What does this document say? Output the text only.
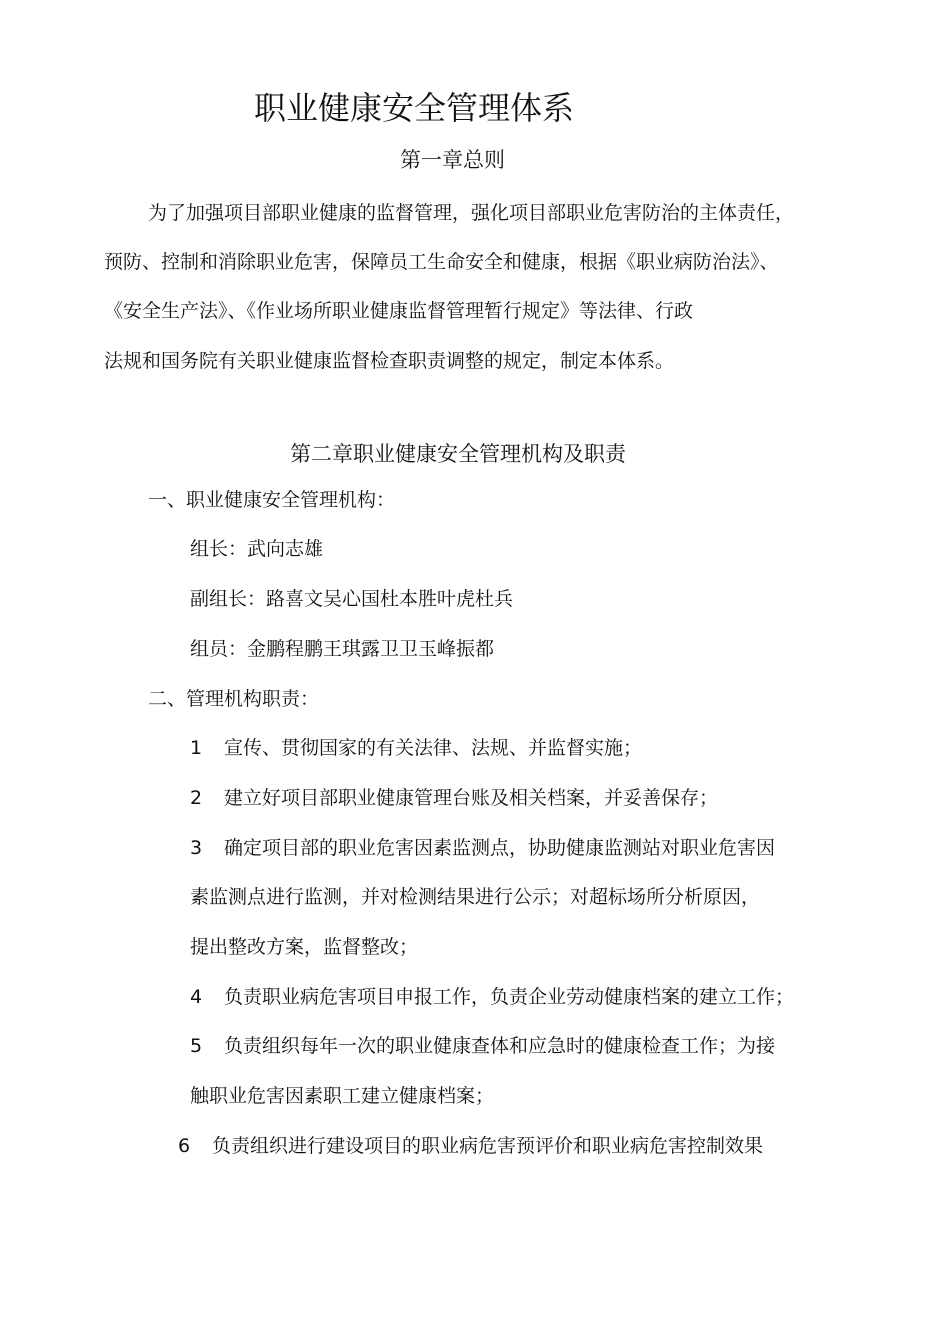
职业健康安全管理体系
第一章总则
为了加强项目部职业健康的监督管理，强化项目部职业危害防治的主体责任，
预防、控制和消除职业危害，保障员工生命安全和健康，根据《职业病防治法》、
《安全生产法》、《作业场所职业健康监督管理暂行规定》等法律、行政
法规和国务院有关职业健康监督检查职责调整的规定，制定本体系。
第二章职业健康安全管理机构及职责
一、职业健康安全管理机构：
组长：武向志雄
副组长：路喜文吴心国杜本胜叶虎杜兵
组员：金鹏程鹏王琪露卫卫玉峰振都
二、管理机构职责：
1 宣传、贯彻国家的有关法律、法规、并监督实施；
2 建立好项目部职业健康管理台账及相关档案，并妥善保存；
3 确定项目部的职业危害因素监测点，协助健康监测站对职业危害因
素监测点进行监测，并对检测结果进行公示；对超标场所分析原因，
提出整改方案，监督整改；
4 负责职业病危害项目申报工作，负责企业劳动健康档案的建立工作；
5 负责组织每年一次的职业健康查体和应急时的健康检查工作；为接
触职业危害因素职工建立健康档案；
6 负责组织进行建设项目的职业病危害预评价和职业病危害控制效果
